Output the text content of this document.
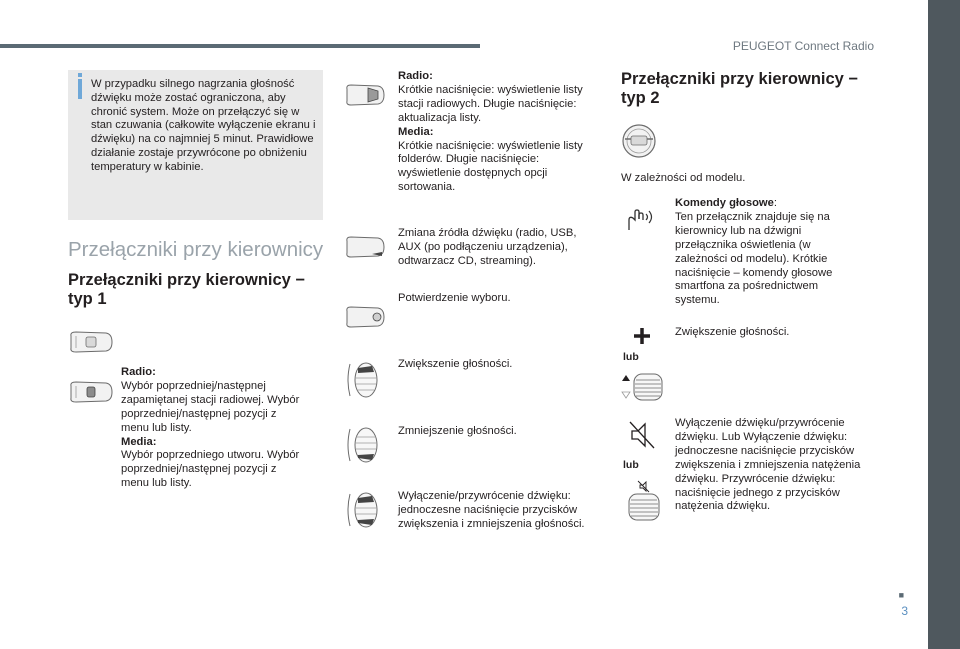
PEUGEOT Connect Radio
■
3
W przypadku silnego nagrzania głośność dźwięku może zostać ograniczona, aby chronić system. Może on przełączyć się w stan czuwania (całkowite wyłączenie ekranu i dźwięku) na co najmniej 5 minut. Prawidłowe działanie zostaje przywrócone po obniżeniu temperatury w kabinie.
Przełączniki przy kierownicy
Przełączniki przy kierownicy − typ 1
Radio:
Wybór poprzedniej/następnej zapamiętanej stacji radiowej. Wybór poprzedniej/następnej pozycji z menu lub listy.
Media:
Wybór poprzedniego utworu. Wybór poprzedniej/następnej pozycji z menu lub listy.
Radio:
Krótkie naciśnięcie: wyświetlenie listy stacji radiowych. Długie naciśnięcie: aktualizacja listy.
Media:
Krótkie naciśnięcie: wyświetlenie listy folderów. Długie naciśnięcie: wyświetlenie dostępnych opcji sortowania.
Zmiana źródła dźwięku (radio, USB, AUX (po podłączeniu urządzenia), odtwarzacz CD, streaming).
Potwierdzenie wyboru.
Zwiększenie głośności.
Zmniejszenie głośności.
Wyłączenie/przywrócenie dźwięku: jednoczesne naciśnięcie przycisków zwiększenia i zmniejszenia głośności.
Przełączniki przy kierownicy − typ 2
W zależności od modelu.
Komendy głosowe:
Ten przełącznik znajduje się na kierownicy lub na dźwigni przełącznika oświetlenia (w zależności od modelu). Krótkie naciśnięcie – komendy głosowe smartfona za pośrednictwem systemu.
Zwiększenie głośności.
lub
Wyłączenie dźwięku/przywrócenie dźwięku. Lub Wyłączenie dźwięku: jednoczesne naciśnięcie przycisków zwiększenia i zmniejszenia natężenia dźwięku. Przywrócenie dźwięku: naciśnięcie jednego z przycisków natężenia dźwięku.
lub
